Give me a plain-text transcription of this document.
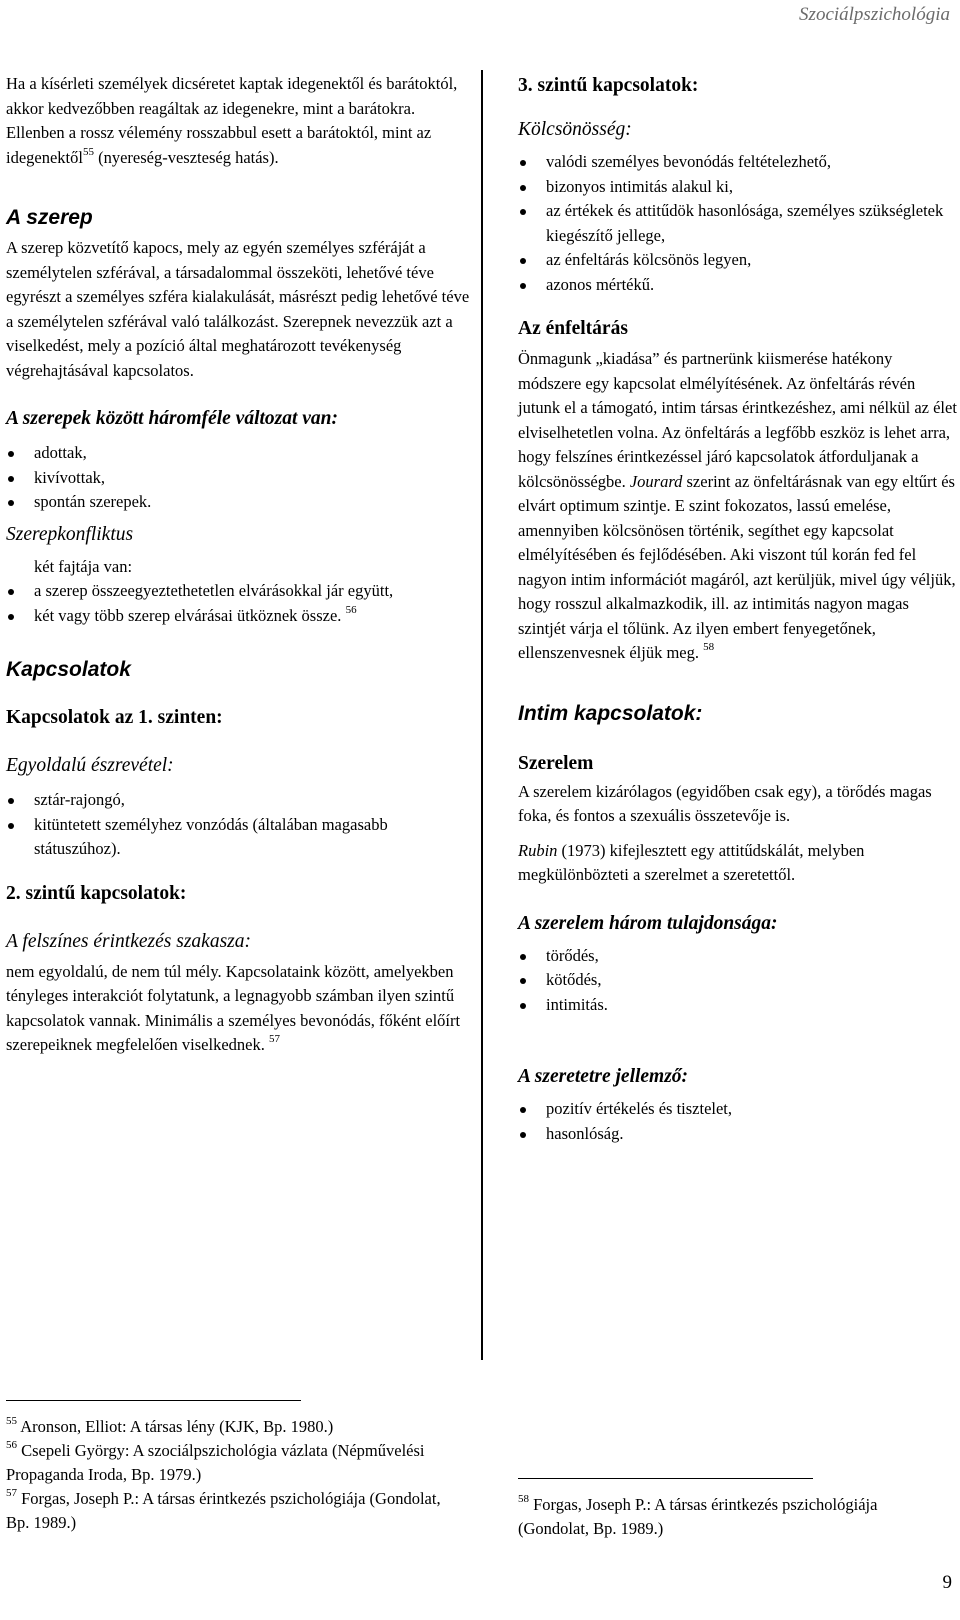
Szociálpszichológia

Ha a kísérleti személyek dicséretet kaptak idegenektől és barátoktól, akkor kedvezőbben reagáltak az idegenekre, mint a barátokra. Ellenben a rossz vélemény rosszabbul esett a barátoktól, mint az idegenektől$^{55}$ (nyereség-veszteség hatás).

A szerep

A szerep közvetítő kapocs, mely az egyén személyes szféráját a személytelen szférával, a társadalommal összeköti, lehetővé téve egyrészt a személyes szféra kialakulását, másrészt pedig lehetővé téve a személytelen szférával való találkozást. Szerepnek nevezzük azt a viselkedést, mely a pozíció által meghatározott tevékenység végrehajtásával kapcsolatos.

A szerepek között háromféle változat van:
adottak,
kivívottak,
spontán szerepek.
Szerepkonfliktus

két fajtája van:

a szerep összeegyeztethetetlen elvárásokkal jár együtt,
két vagy több szerep elvárásai ütköznek össze. $^{56}$
Kapcsolatok
Kapcsolatok az 1. szinten:
Egyoldalú észrevétel:
sztár-rajongó,
kitüntetett személyhez vonzódás (általában magasabb státuszúhoz).
2. szintű kapcsolatok:
A felszínes érintkezés szakasza:

nem egyoldalú, de nem túl mély. Kapcsolataink között, amelyekben tényleges interakciót folytatunk, a legnagyobb számban ilyen szintű kapcsolatok vannak. Minimális a személyes bevonódás, főként előírt szerepeiknek megfelelően viselkednek. $^{57}$

3. szintű kapcsolatok:
Kölcsönösség:
valódi személyes bevonódás feltételezhető,
bizonyos intimitás alakul ki,
az értékek és attitűdök hasonlósága, személyes szükségletek kiegészítő jellege,
az énfeltárás kölcsönös legyen,
azonos mértékű.
Az énfeltárás

Önmagunk „kiadása” és partnerünk kiismerése hatékony módszere egy kapcsolat elmélyítésének. Az önfeltárás révén jutunk el a támogató, intim társas érintkezéshez, ami nélkül az élet elviselhetetlen volna. Az önfeltárás a legfőbb eszköz is lehet arra, hogy felszínes érintkezéssel járó kapcsolatok átforduljanak a kölcsönösségbe. Jourard szerint az önfeltárásnak van egy eltűrt és elvárt optimum szintje. E szint fokozatos, lassú emelése, amennyiben kölcsönösen történik, segíthet egy kapcsolat elmélyítésében és fejlődésében. Aki viszont túl korán fed fel nagyon intim információt magáról, azt kerüljük, mivel úgy véljük, hogy rosszul alkalmazkodik, ill. az intimitás nagyon magas szintjét várja el tőlünk. Az ilyen embert fenyegetőnek, ellenszenvesnek éljük meg. $^{58}$

Intim kapcsolatok:
Szerelem

A szerelem kizárólagos (egyidőben csak egy), a törődés magas foka, és fontos a szexuális összetevője is.

Rubin (1973) kifejlesztett egy attitűdskálát, melyben megkülönbözteti a szerelmet a szeretettől.

A szerelem három tulajdonsága:
törődés,
kötődés,
intimitás.
A szeretetre jellemző:
pozitív értékelés és tisztelet,
hasonlóság.

$^{55}$ Aronson, Elliot: A társas lény (KJK, Bp. 1980.)

$^{56}$ Csepeli György: A szociálpszichológia vázlata (Népművelési Propaganda Iroda, Bp. 1979.)

$^{57}$ Forgas, Joseph P.: A társas érintkezés pszichológiája (Gondolat, Bp. 1989.)

$^{58}$ Forgas, Joseph P.: A társas érintkezés pszichológiája (Gondolat, Bp. 1989.)

9
